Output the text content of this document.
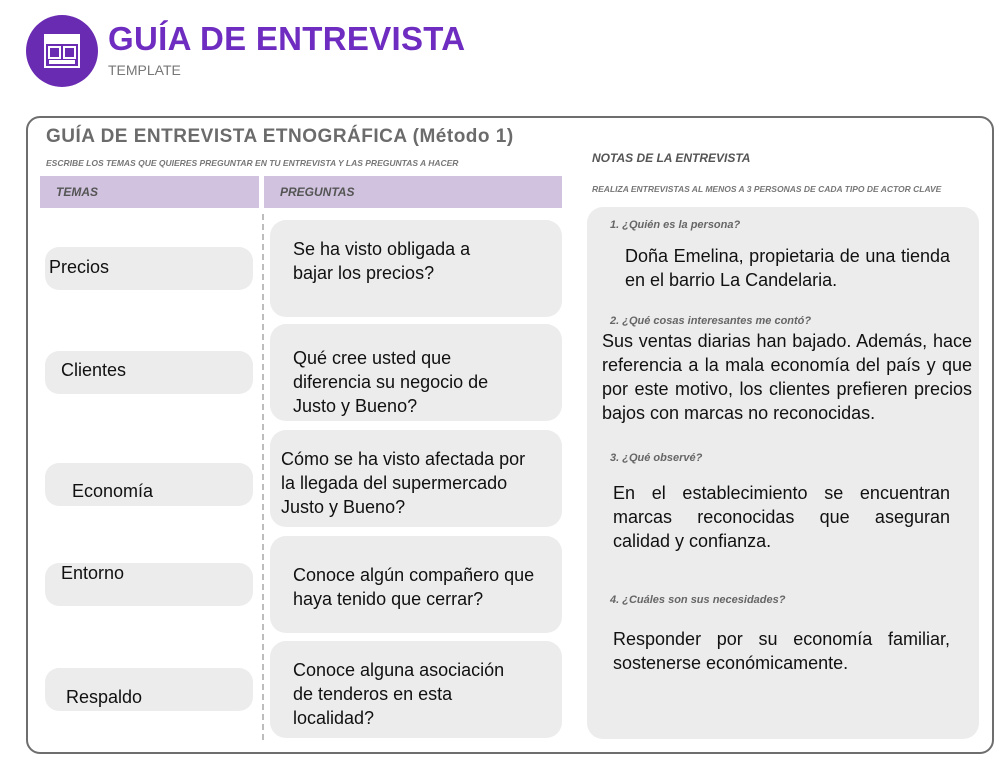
GUÍA DE ENTREVISTA
TEMPLATE
GUÍA DE ENTREVISTA ETNOGRÁFICA (Método 1)
ESCRIBE LOS TEMAS QUE QUIERES PREGUNTAR EN TU ENTREVISTA Y LAS PREGUNTAS A HACER
TEMAS	PREGUNTAS
Precios
Clientes
Economía
Entorno
Respaldo
Se ha visto obligada a
bajar los precios?
Qué cree usted que
diferencia su negocio de
Justo y Bueno?
Cómo se ha visto afectada por
la llegada del supermercado
Justo y Bueno?
Conoce algún compañero que
haya tenido que cerrar?
Conoce alguna asociación
de tenderos en esta
localidad?
NOTAS DE LA ENTREVISTA
REALIZA ENTREVISTAS AL MENOS A 3 PERSONAS DE CADA TIPO DE ACTOR CLAVE
1. ¿Quién es la persona?
Doña Emelina, propietaria de una tienda en el barrio La Candelaria.
2. ¿Qué cosas interesantes me contó?
Sus ventas diarias han bajado. Además, hace referencia a la mala economía del país y que por este motivo, los clientes prefieren precios bajos con marcas no reconocidas.
3. ¿Qué observé?
En el establecimiento se encuentran marcas reconocidas que aseguran calidad y confianza.
4. ¿Cuáles son sus necesidades?
Responder por su economía familiar, sostenerse económicamente.
